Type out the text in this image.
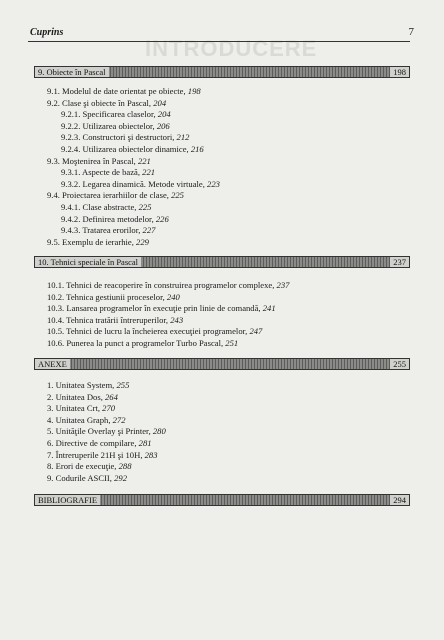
INTRODUCERE
Cuprins	7
9. Obiecte în Pascal	198
9.1. Modelul de date orientat pe obiecte, 198
9.2. Clase şi obiecte în Pascal, 204
9.2.1. Specificarea claselor, 204
9.2.2. Utilizarea obiectelor, 206
9.2.3. Constructori şi destructori, 212
9.2.4. Utilizarea obiectelor dinamice, 216
9.3. Moştenirea în Pascal, 221
9.3.1. Aspecte de bază, 221
9.3.2. Legarea dinamică. Metode virtuale, 223
9.4. Proiectarea ierarhiilor de clase, 225
9.4.1. Clase abstracte, 225
9.4.2. Definirea metodelor, 226
9.4.3. Tratarea erorilor, 227
9.5. Exemplu de ierarhie, 229
10. Tehnici speciale în Pascal	237
10.1. Tehnici de reacoperire în construirea programelor complexe, 237
10.2. Tehnica gestiunii proceselor, 240
10.3. Lansarea programelor în execuţie prin linie de comandă, 241
10.4. Tehnica tratării întreruperilor, 243
10.5. Tehnici de lucru la încheierea execuţiei programelor, 247
10.6. Punerea la punct a programelor Turbo Pascal, 251
ANEXE	255
1. Unitatea System, 255
2. Unitatea Dos, 264
3. Unitatea Crt, 270
4. Unitatea Graph, 272
5. Unităţile Overlay şi Printer, 280
6. Directive de compilare, 281
7. Întreruperile 21H şi 10H, 283
8. Erori de execuţie, 288
9. Codurile ASCII, 292
BIBLIOGRAFIE	294
